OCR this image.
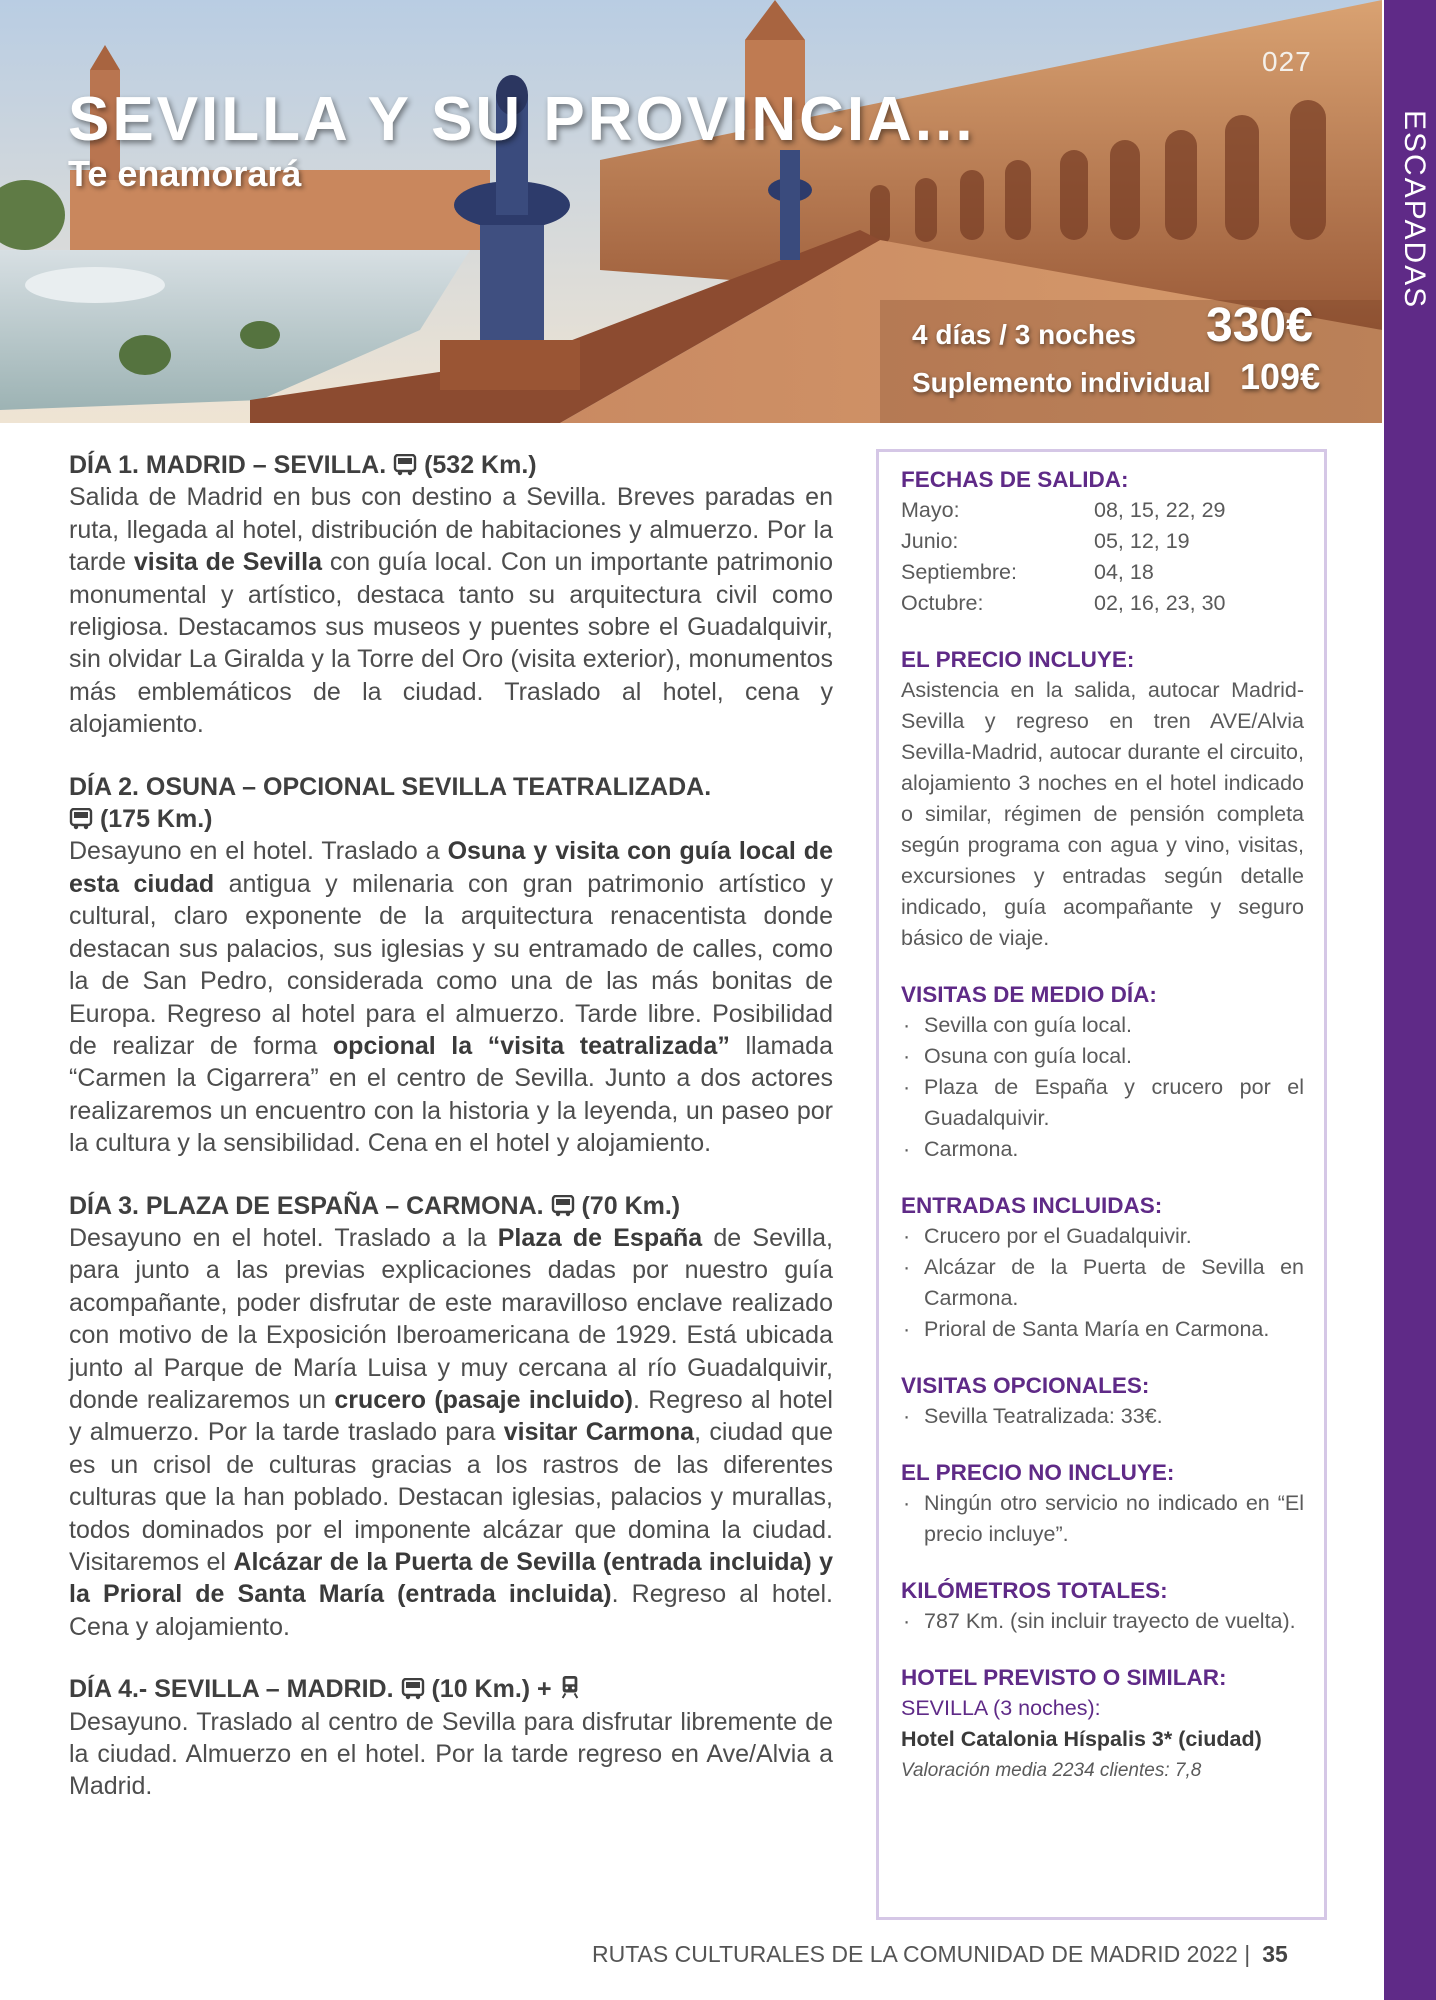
027
SEVILLA Y SU PROVINCIA...
Te enamorará
4 días / 3 noches 330€
Suplemento individual 109€
ESCAPADAS
DÍA 1. MADRID – SEVILLA. (532 Km.)

Salida de Madrid en bus con destino a Sevilla. Breves paradas en ruta, llegada al hotel, distribución de habitaciones y almuerzo. Por la tarde visita de Sevilla con guía local. Con un importante patrimonio monumental y artístico, destaca tanto su arquitectura civil como religiosa. Destacamos sus museos y puentes sobre el Guadalquivir, sin olvidar La Giralda y la Torre del Oro (visita exterior), monumentos más emblemáticos de la ciudad. Traslado al hotel, cena y alojamiento.

DÍA 2. OSUNA – OPCIONAL SEVILLA TEATRALIZADA.
(175 Km.)

Desayuno en el hotel. Traslado a Osuna y visita con guía local de esta ciudad antigua y milenaria con gran patrimonio artístico y cultural, claro exponente de la arquitectura renacentista donde destacan sus palacios, sus iglesias y su entramado de calles, como la de San Pedro, considerada como una de las más bonitas de Europa. Regreso al hotel para el almuerzo. Tarde libre. Posibilidad de realizar de forma opcional la “visita teatralizada” llamada “Carmen la Cigarrera” en el centro de Sevilla. Junto a dos actores realizaremos un encuentro con la historia y la leyenda, un paseo por la cultura y la sensibilidad. Cena en el hotel y alojamiento.

DÍA 3. PLAZA DE ESPAÑA – CARMONA. (70 Km.)

Desayuno en el hotel. Traslado a la Plaza de España de Sevilla, para junto a las previas explicaciones dadas por nuestro guía acompañante, poder disfrutar de este maravilloso enclave realizado con motivo de la Exposición Iberoamericana de 1929. Está ubicada junto al Parque de María Luisa y muy cercana al río Guadalquivir, donde realizaremos un crucero (pasaje incluido). Regreso al hotel y almuerzo. Por la tarde traslado para visitar Carmona, ciudad que es un crisol de culturas gracias a los rastros de las diferentes culturas que la han poblado. Destacan iglesias, palacios y murallas, todos dominados por el imponente alcázar que domina la ciudad. Visitaremos el Alcázar de la Puerta de Sevilla (entrada incluida) y la Prioral de Santa María (entrada incluida). Regreso al hotel. Cena y alojamiento.

DÍA 4.- SEVILLA – MADRID. (10 Km.) +

Desayuno. Traslado al centro de Sevilla para disfrutar libremente de la ciudad. Almuerzo en el hotel. Por la tarde regreso en Ave/Alvia a Madrid.

FECHAS DE SALIDA:
Mayo:	08, 15, 22, 29
Junio:	05, 12, 19
Septiembre:	04, 18
Octubre:	02, 16, 23, 30
EL PRECIO INCLUYE:

Asistencia en la salida, autocar Madrid-Sevilla y regreso en tren AVE/Alvia Sevilla-Madrid, autocar durante el circuito, alojamiento 3 noches en el hotel indicado o similar, régimen de pensión completa según programa con agua y vino, visitas, excursiones y entradas según detalle indicado, guía acompañante y seguro básico de viaje.

VISITAS DE MEDIO DÍA:
· Sevilla con guía local.
· Osuna con guía local.
· Plaza de España y crucero por el Guadalquivir.
· Carmona.
ENTRADAS INCLUIDAS:
· Crucero por el Guadalquivir.
· Alcázar de la Puerta de Sevilla en Carmona.
· Prioral de Santa María en Carmona.
VISITAS OPCIONALES:
· Sevilla Teatralizada: 33€.
EL PRECIO NO INCLUYE:
· Ningún otro servicio no indicado en “El precio incluye”.
KILÓMETROS TOTALES:
· 787 Km. (sin incluir trayecto de vuelta).
HOTEL PREVISTO O SIMILAR:
SEVILLA (3 noches):
Hotel Catalonia Híspalis 3* (ciudad)
Valoración media 2234 clientes: 7,8
RUTAS CULTURALES DE LA COMUNIDAD DE MADRID 2022 | 35
